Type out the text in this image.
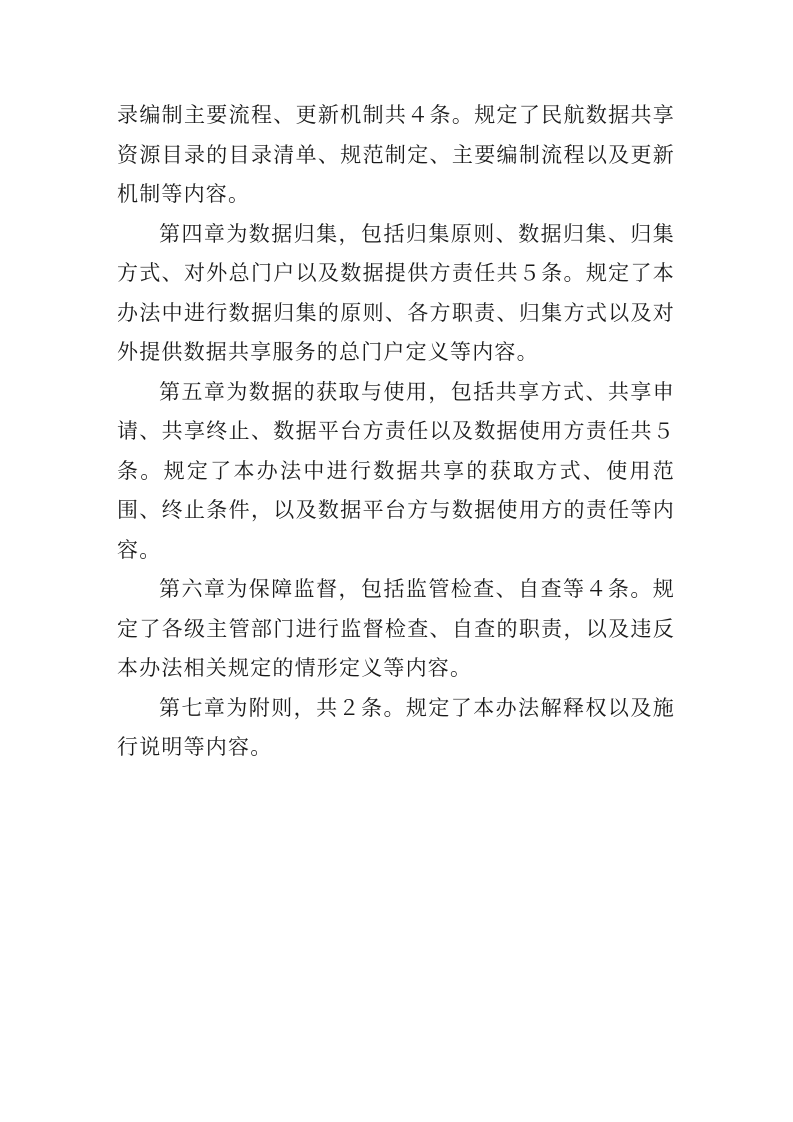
录编制主要流程、更新机制共４条。规定了民航数据共享资源目录的目录清单、规范制定、主要编制流程以及更新机制等内容。

第四章为数据归集，包括归集原则、数据归集、归集方式、对外总门户以及数据提供方责任共５条。规定了本办法中进行数据归集的原则、各方职责、归集方式以及对外提供数据共享服务的总门户定义等内容。

第五章为数据的获取与使用，包括共享方式、共享申请、共享终止、数据平台方责任以及数据使用方责任共５条。规定了本办法中进行数据共享的获取方式、使用范围、终止条件，以及数据平台方与数据使用方的责任等内容。

第六章为保障监督，包括监管检查、自查等４条。规定了各级主管部门进行监督检查、自查的职责，以及违反本办法相关规定的情形定义等内容。

第七章为附则，共２条。规定了本办法解释权以及施行说明等内容。
